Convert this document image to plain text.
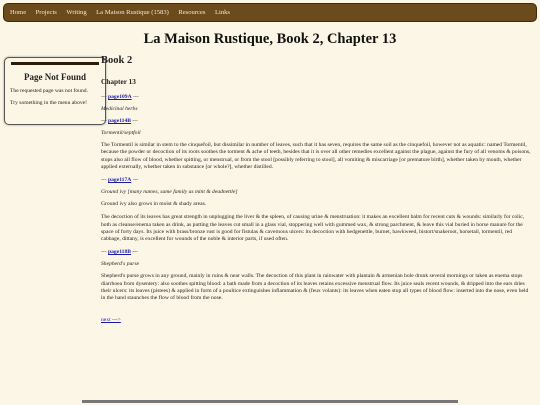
Home Projects Writing La Maison Rustique (1583) Resources Links
La Maison Rustique, Book 2, Chapter 13
Page Not Found

The requested page was not found.

Try something in the menu above!

Book 2
Chapter 13

--- page109A ---

Medicinal herbs

--- page114B ---

Tormentil/septfoil

The Tormentil is similar in stem to the cinquefoil, but dissimilar in number of leaves, such that it has seven, requires the same soil as the cinquefoil, however not as aquatic: named Tormentil, because the powder or decoction of its roots soothes the torment & ache of teeth, besides that it is over all other remedies excellent against the plague, against the fury of all venoms & poisons, stops also all flow of blood, whether spitting, or menstrual, or from the stool [possibly referring to stool], all vomiting & miscarriage [or premature birth], whether taken by mouth, whether applied externally, whether taken in substance [or whole?], whether distilled.

--- page117A ---

Ground ivy [many names, same family as mint & deadnettle]

Ground ivy also grows in moist & shady areas.

The decoction of its leaves has great strength in unplugging the liver & the spleen, of causing urine & menstruation: it makes an excellent balm for recent cuts & wounds: similarly for colic, both as cleanse/enema taken as drink, as putting the leaves cut small in a glass vial, stoppering well with gummed wax, & strong parchment, & leave this vial buried in horse manure for the space of forty days. Its juice with brass/bronze rust is good for fistulas & cavernous ulcers: its decoction with hedgenettle, burnet, hawkweed, bistort/snakeroot, horsetail, tormentil, red cabbage, dittany, is excellent for wounds of the noble & interior parts, if used often.

--- page118B ---

Shepherd's purse

Shepherd's purse grows in any ground, mainly in ruins & near walls. The decoction of this plant in rainwater with plantain & armenian bole drunk several mornings or taken as enema stops diarrhoea from dysentery: also soothes spitting blood: a bath made from a decoction of its leaves retains excessive menstrual flow. Its juice seals recent wounds, & dripped into the ears dries their ulcers: its leaves (pistees) & applied in form of a poultice extinguishes inflammation & (feux volants): its leaves when eaten stop all types of blood flow: inserted into the nose, even held in the hand staunches the flow of blood from the nose.

next --->
